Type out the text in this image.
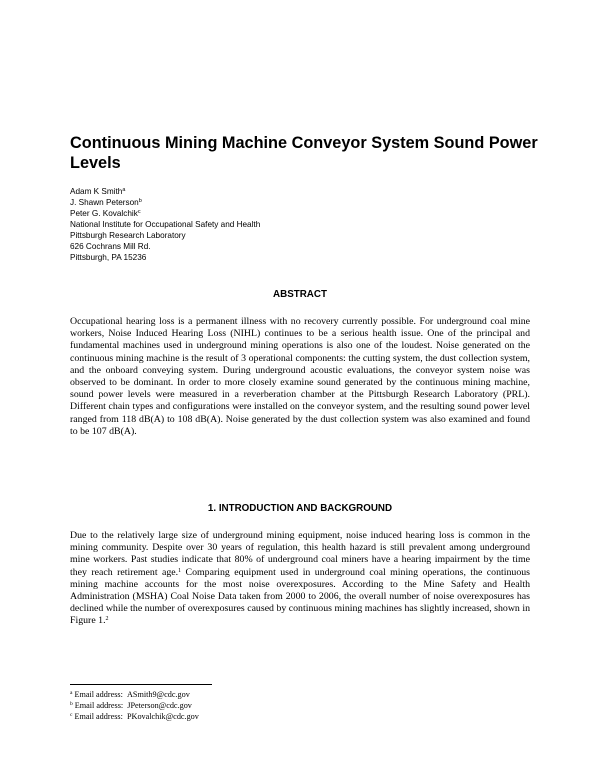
Continuous Mining Machine Conveyor System Sound Power Levels
Adam K Smith$^a$
J. Shawn Peterson$^b$
Peter G. Kovalchik$^c$
National Institute for Occupational Safety and Health
Pittsburgh Research Laboratory
626 Cochrans Mill Rd.
Pittsburgh, PA 15236
ABSTRACT

Occupational hearing loss is a permanent illness with no recovery currently possible. For underground coal mine workers, Noise Induced Hearing Loss (NIHL) continues to be a serious health issue. One of the principal and fundamental machines used in underground mining operations is also one of the loudest. Noise generated on the continuous mining machine is the result of 3 operational components: the cutting system, the dust collection system, and the onboard conveying system. During underground acoustic evaluations, the conveyor system noise was observed to be dominant. In order to more closely examine sound generated by the continuous mining machine, sound power levels were measured in a reverberation chamber at the Pittsburgh Research Laboratory (PRL). Different chain types and configurations were installed on the conveyor system, and the resulting sound power level ranged from 118 dB(A) to 108 dB(A). Noise generated by the dust collection system was also examined and found to be 107 dB(A).

1. INTRODUCTION AND BACKGROUND

Due to the relatively large size of underground mining equipment, noise induced hearing loss is common in the mining community. Despite over 30 years of regulation, this health hazard is still prevalent among underground mine workers. Past studies indicate that 80% of underground coal miners have a hearing impairment by the time they reach retirement age.$^1$ Comparing equipment used in underground coal mining operations, the continuous mining machine accounts for the most noise overexposures. According to the Mine Safety and Health Administration (MSHA) Coal Noise Data taken from 2000 to 2006, the overall number of noise overexposures has declined while the number of overexposures caused by continuous mining machines has slightly increased, shown in Figure 1.$^2$

$^a$ Email address: ASmith9@cdc.gov
$^b$ Email address: JPeterson@cdc.gov
$^c$ Email address: PKovalchik@cdc.gov
